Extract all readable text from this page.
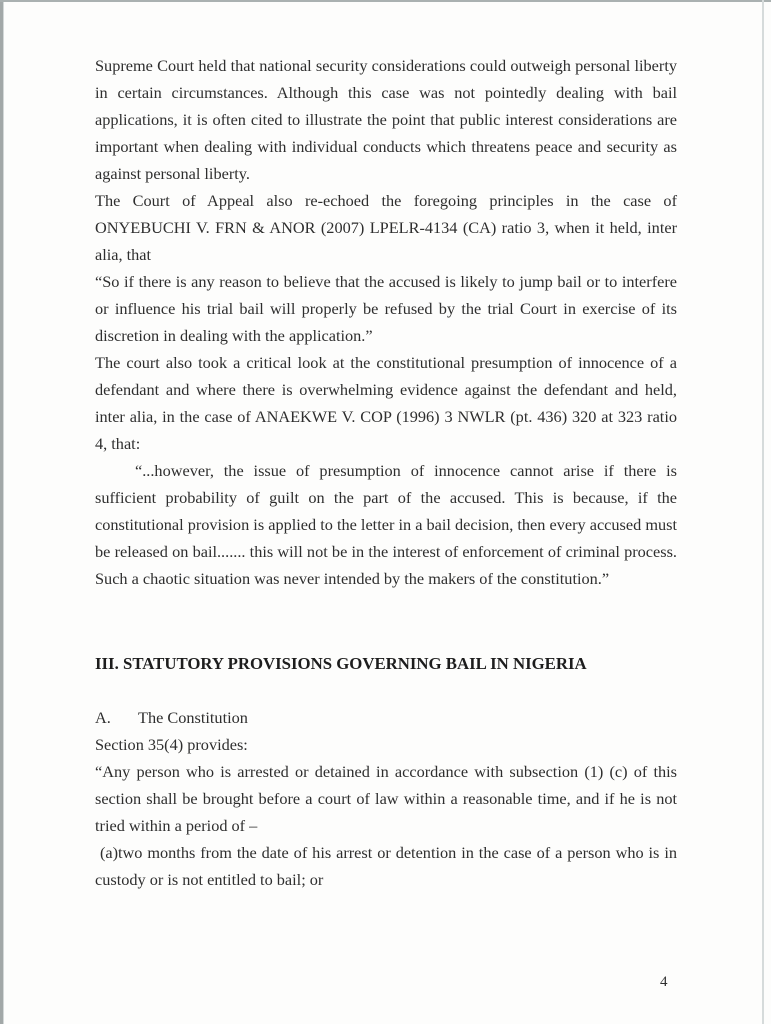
Supreme Court held that national security considerations could outweigh personal liberty in certain circumstances. Although this case was not pointedly dealing with bail applications, it is often cited to illustrate the point that public interest considerations are important when dealing with individual conducts which threatens peace and security as against personal liberty.

The Court of Appeal also re-echoed the foregoing principles in the case of ONYEBUCHI V. FRN & ANOR (2007) LPELR-4134 (CA) ratio 3, when it held, inter alia, that

“So if there is any reason to believe that the accused is likely to jump bail or to interfere or influence his trial bail will properly be refused by the trial Court in exercise of its discretion in dealing with the application.”

The court also took a critical look at the constitutional presumption of innocence of a defendant and where there is overwhelming evidence against the defendant and held, inter alia, in the case of ANAEKWE V. COP (1996) 3 NWLR (pt. 436) 320 at 323 ratio 4, that:

“...however, the issue of presumption of innocence cannot arise if there is sufficient probability of guilt on the part of the accused. This is because, if the constitutional provision is applied to the letter in a bail decision, then every accused must be released on bail....... this will not be in the interest of enforcement of criminal process. Such a chaotic situation was never intended by the makers of the constitution.”

III. STATUTORY PROVISIONS GOVERNING BAIL IN NIGERIA

A. The Constitution

Section 35(4) provides:

“Any person who is arrested or detained in accordance with subsection (1) (c) of this section shall be brought before a court of law within a reasonable time, and if he is not tried within a period of –

(a)two months from the date of his arrest or detention in the case of a person who is in custody or is not entitled to bail; or

4
